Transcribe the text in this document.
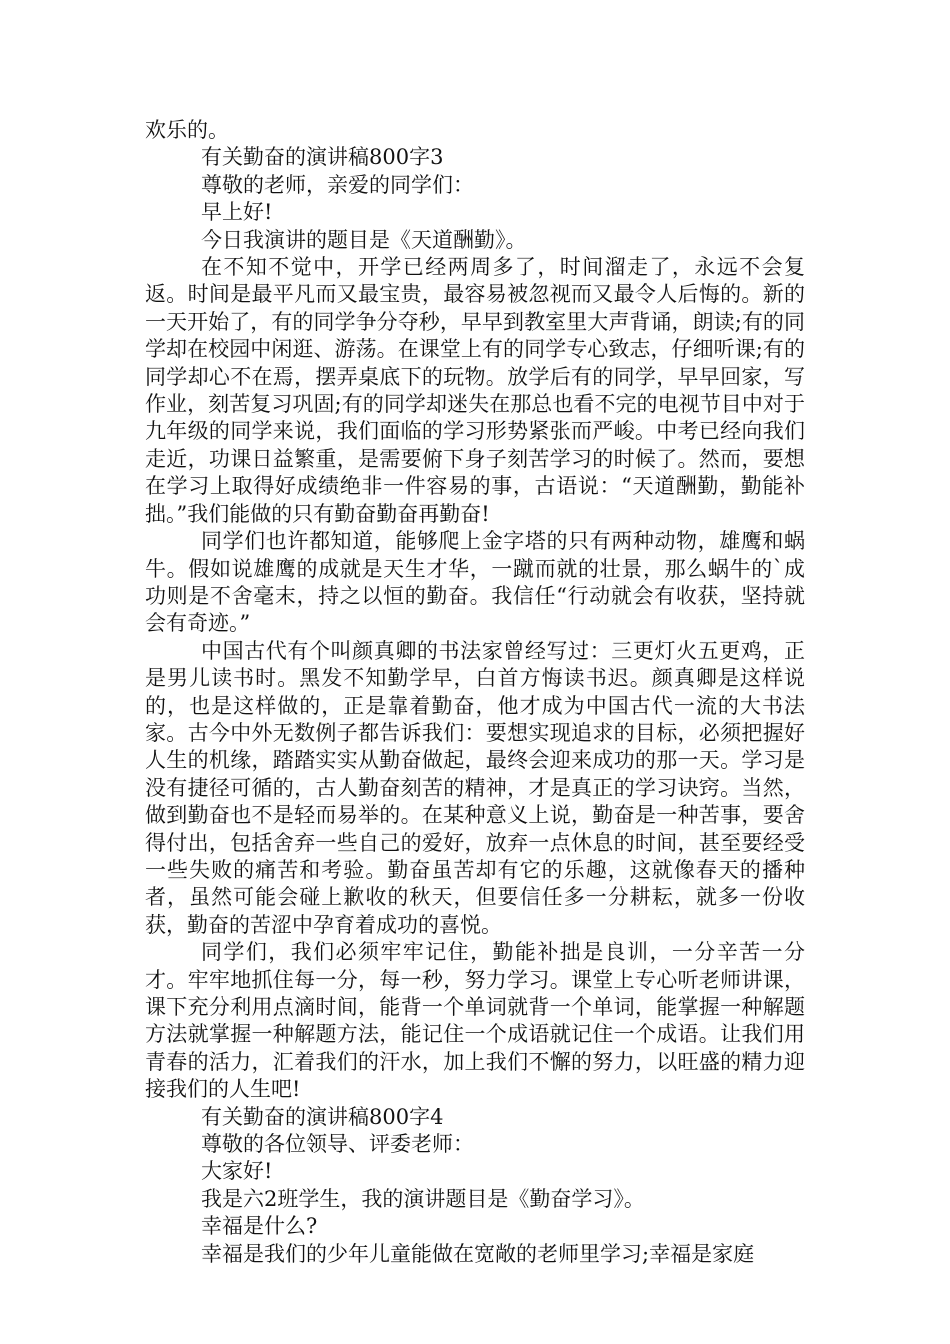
欢乐的。

有关勤奋的演讲稿800字3

尊敬的老师，亲爱的同学们：

早上好!

今日我演讲的题目是《天道酬勤》。

在不知不觉中，开学已经两周多了，时间溜走了，永远不会复返。时间是最平凡而又最宝贵，最容易被忽视而又最令人后悔的。新的一天开始了，有的同学争分夺秒，早早到教室里大声背诵，朗读;有的同学却在校园中闲逛、游荡。在课堂上有的同学专心致志，仔细听课;有的同学却心不在焉，摆弄桌底下的玩物。放学后有的同学，早早回家，写作业，刻苦复习巩固;有的同学却迷失在那总也看不完的电视节目中对于九年级的同学来说，我们面临的学习形势紧张而严峻。中考已经向我们走近，功课日益繁重，是需要俯下身子刻苦学习的时候了。然而，要想在学习上取得好成绩绝非一件容易的事，古语说：“天道酬勤，勤能补拙。”我们能做的只有勤奋勤奋再勤奋!

同学们也许都知道，能够爬上金字塔的只有两种动物，雄鹰和蜗牛。假如说雄鹰的成就是天生才华，一蹴而就的壮景，那么蜗牛的`成功则是不舍毫末，持之以恒的勤奋。我信任“行动就会有收获，坚持就会有奇迹。”

中国古代有个叫颜真卿的书法家曾经写过：三更灯火五更鸡，正是男儿读书时。黑发不知勤学早，白首方悔读书迟。颜真卿是这样说的，也是这样做的，正是靠着勤奋，他才成为中国古代一流的大书法家。古今中外无数例子都告诉我们：要想实现追求的目标，必须把握好人生的机缘，踏踏实实从勤奋做起，最终会迎来成功的那一天。学习是没有捷径可循的，古人勤奋刻苦的精神，才是真正的学习诀窍。当然，做到勤奋也不是轻而易举的。在某种意义上说，勤奋是一种苦事，要舍得付出，包括舍弃一些自己的爱好，放弃一点休息的时间，甚至要经受一些失败的痛苦和考验。勤奋虽苦却有它的乐趣，这就像春天的播种者，虽然可能会碰上歉收的秋天，但要信任多一分耕耘，就多一份收获，勤奋的苦涩中孕育着成功的喜悦。

同学们，我们必须牢牢记住，勤能补拙是良训，一分辛苦一分才。牢牢地抓住每一分，每一秒，努力学习。课堂上专心听老师讲课，课下充分利用点滴时间，能背一个单词就背一个单词，能掌握一种解题方法就掌握一种解题方法，能记住一个成语就记住一个成语。让我们用青春的活力，汇着我们的汗水，加上我们不懈的努力，以旺盛的精力迎接我们的人生吧!

有关勤奋的演讲稿800字4

尊敬的各位领导、评委老师：

大家好!

我是六2班学生，我的演讲题目是《勤奋学习》。

幸福是什么?

幸福是我们的少年儿童能做在宽敞的老师里学习;幸福是家庭
